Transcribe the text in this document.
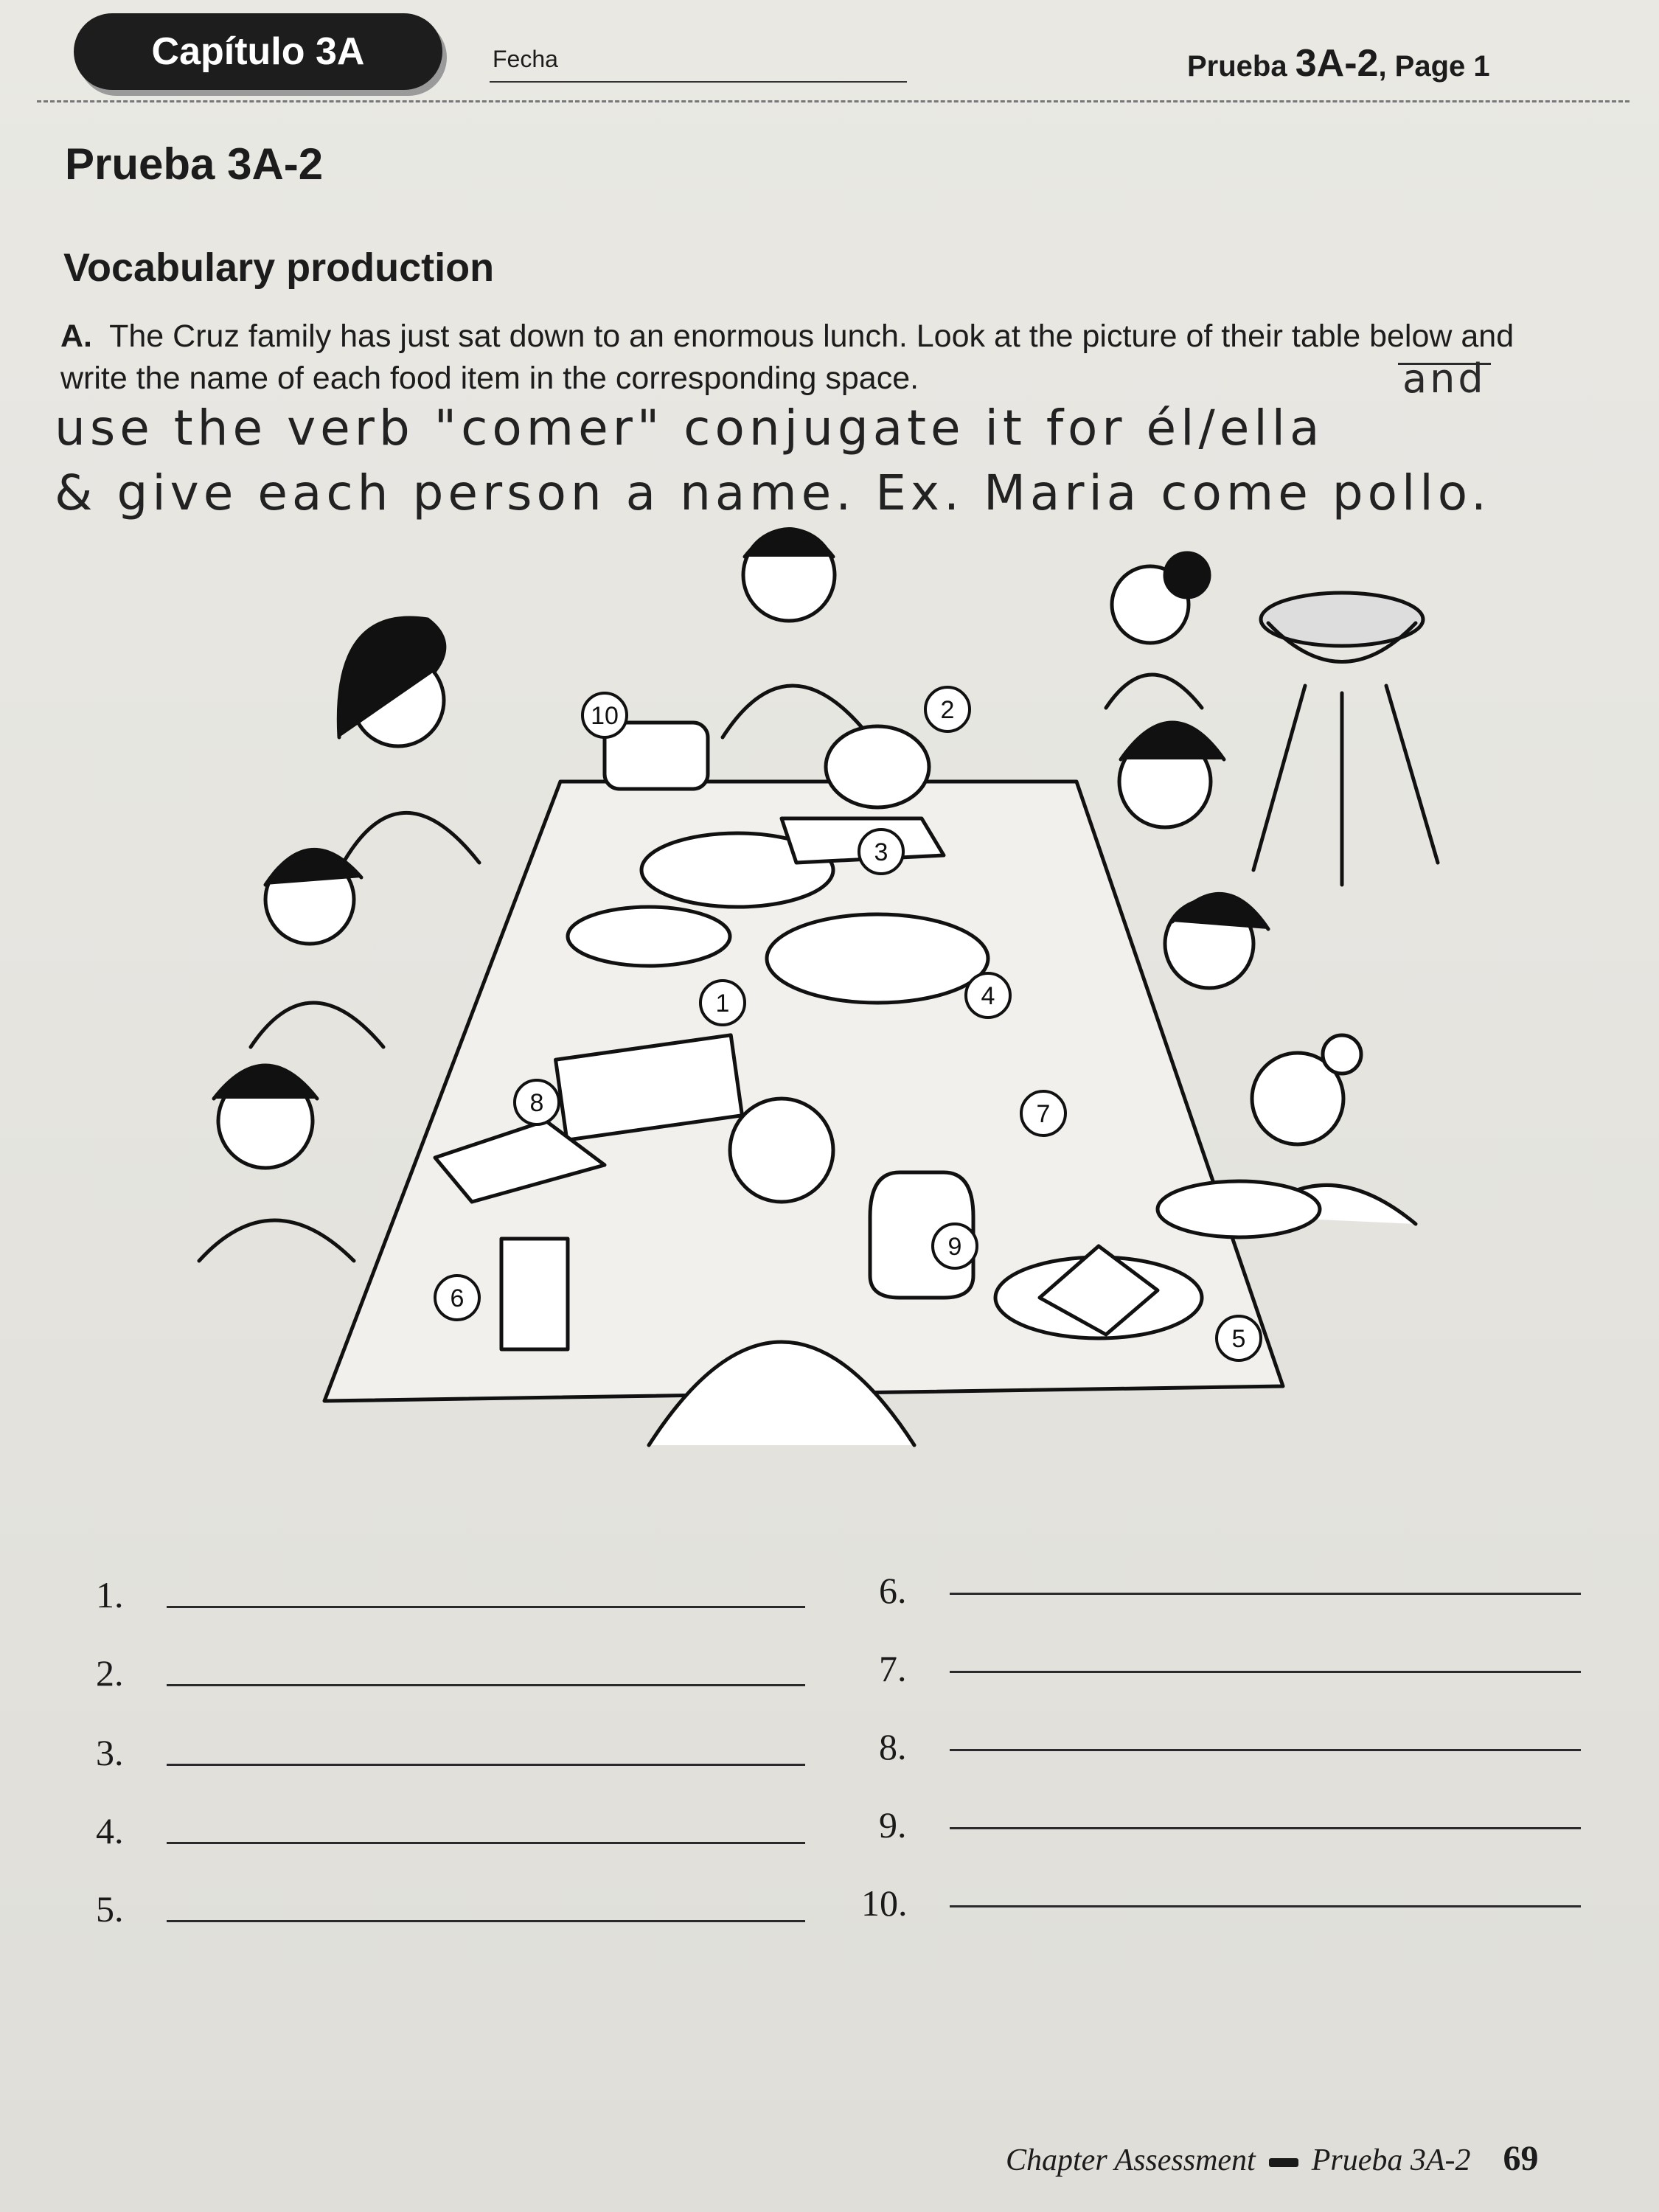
Capítulo 3A	Fecha	Prueba 3A-2, Page 1
Prueba 3A-2
Vocabulary production
A. The Cruz family has just sat down to an enormous lunch. Look at the picture of their table below and write the name of each food item in the corresponding space.	and
use the verb "comer" conjugate it for él/ella
& give each person a name. Ex. Maria come pollo.
1
2
3
4
5
6
7
8
9
10
1.
2.
3.
4.
5.
6.
7.
8.
9.
10.
Chapter Assessment Prueba 3A-2 69
